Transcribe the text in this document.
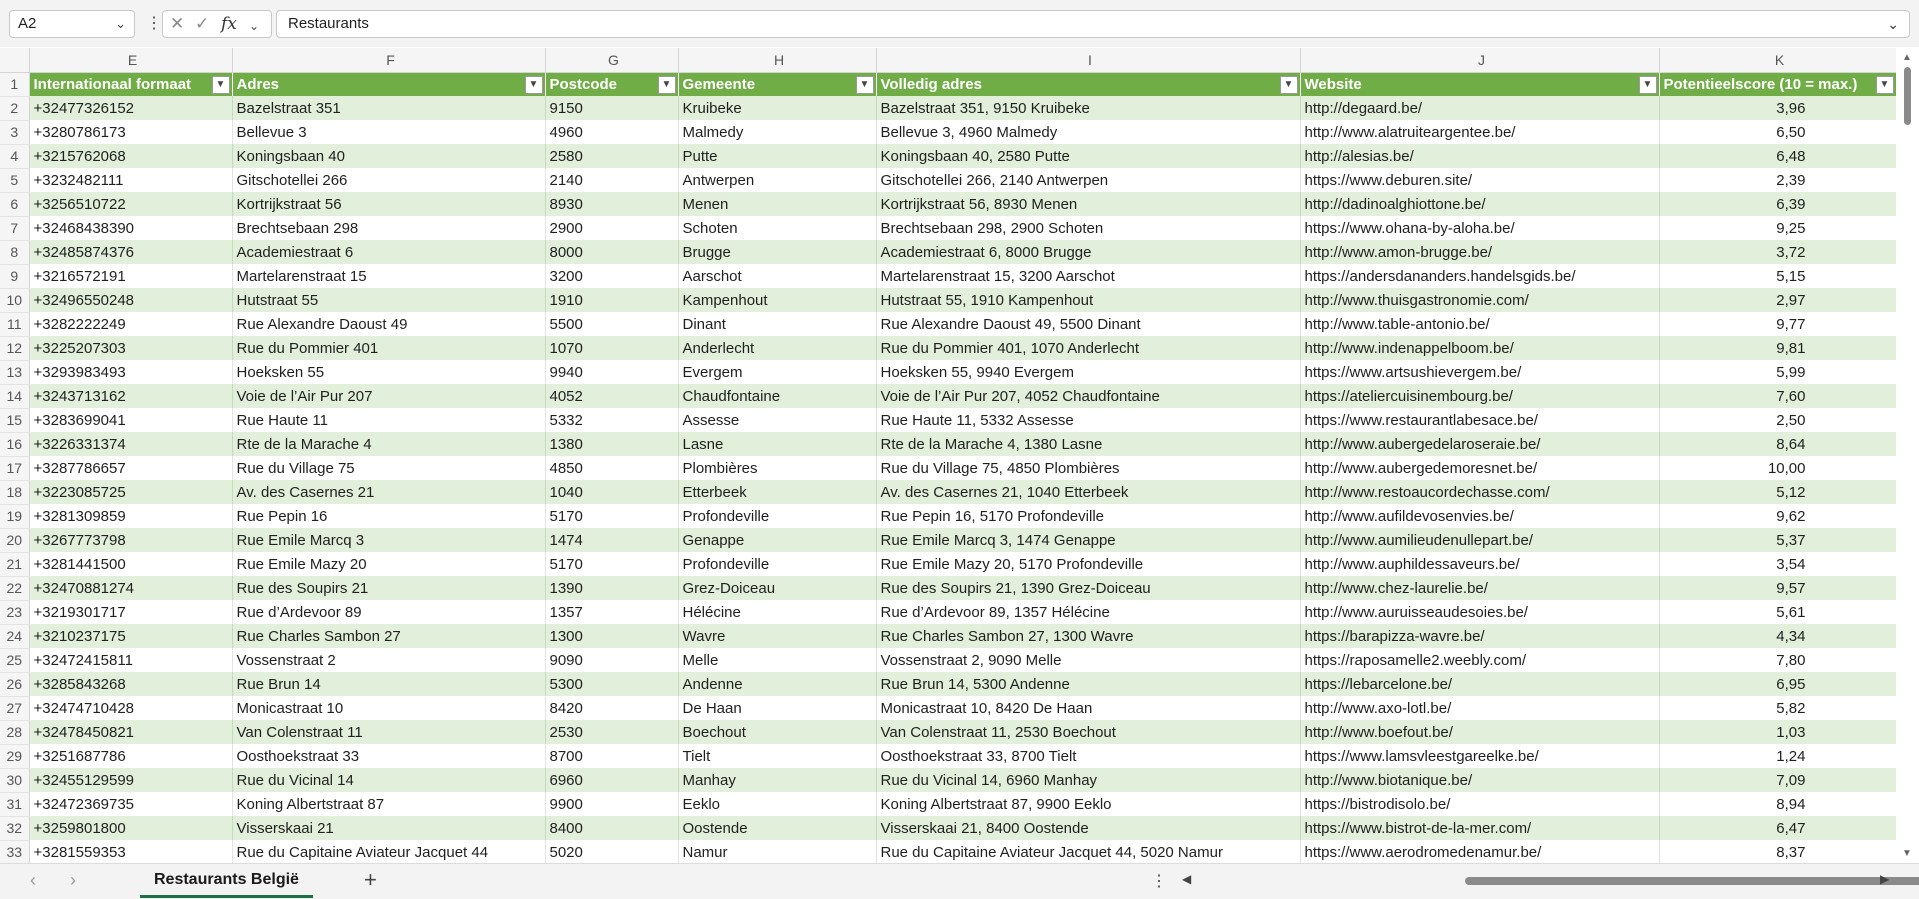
A2	⌄ ⋮ ✕ ✓ fx ⌄	Restaurants	⌄
	E	F	G	H	I	J	K
1	Internationaal formaat ▼	Adres ▼	Postcode ▼	Gemeente ▼	Volledig adres ▼	Website ▼	Potentieelscore (10 = max.) ▼

2	+32477326152	Bazelstraat 351	9150	Kruibeke	Bazelstraat 351, 9150 Kruibeke	http://degaard.be/	3,96
3	+3280786173	Bellevue 3	4960	Malmedy	Bellevue 3, 4960 Malmedy	http://www.alatruiteargentee.be/	6,50
4	+3215762068	Koningsbaan 40	2580	Putte	Koningsbaan 40, 2580 Putte	http://alesias.be/	6,48
5	+3232482111	Gitschotellei 266	2140	Antwerpen	Gitschotellei 266, 2140 Antwerpen	https://www.deburen.site/	2,39
6	+3256510722	Kortrijkstraat 56	8930	Menen	Kortrijkstraat 56, 8930 Menen	http://dadinoalghiottone.be/	6,39
7	+32468438390	Brechtsebaan 298	2900	Schoten	Brechtsebaan 298, 2900 Schoten	https://www.ohana-by-aloha.be/	9,25
8	+32485874376	Academiestraat 6	8000	Brugge	Academiestraat 6, 8000 Brugge	http://www.amon-brugge.be/	3,72
9	+3216572191	Martelarenstraat 15	3200	Aarschot	Martelarenstraat 15, 3200 Aarschot	https://andersdananders.handelsgids.be/	5,15
10	+32496550248	Hutstraat 55	1910	Kampenhout	Hutstraat 55, 1910 Kampenhout	http://www.thuisgastronomie.com/	2,97
11	+3282222249	Rue Alexandre Daoust 49	5500	Dinant	Rue Alexandre Daoust 49, 5500 Dinant	http://www.table-antonio.be/	9,77
12	+3225207303	Rue du Pommier 401	1070	Anderlecht	Rue du Pommier 401, 1070 Anderlecht	http://www.indenappelboom.be/	9,81
13	+3293983493	Hoeksken 55	9940	Evergem	Hoeksken 55, 9940 Evergem	https://www.artsushievergem.be/	5,99
14	+3243713162	Voie de l’Air Pur 207	4052	Chaudfontaine	Voie de l’Air Pur 207, 4052 Chaudfontaine	https://ateliercuisinembourg.be/	7,60
15	+3283699041	Rue Haute 11	5332	Assesse	Rue Haute 11, 5332 Assesse	https://www.restaurantlabesace.be/	2,50
16	+3226331374	Rte de la Marache 4	1380	Lasne	Rte de la Marache 4, 1380 Lasne	http://www.aubergedelaroseraie.be/	8,64
17	+3287786657	Rue du Village 75	4850	Plombières	Rue du Village 75, 4850 Plombières	http://www.aubergedemoresnet.be/	10,00
18	+3223085725	Av. des Casernes 21	1040	Etterbeek	Av. des Casernes 21, 1040 Etterbeek	http://www.restoaucordechasse.com/	5,12
19	+3281309859	Rue Pepin 16	5170	Profondeville	Rue Pepin 16, 5170 Profondeville	http://www.aufildevosenvies.be/	9,62
20	+3267773798	Rue Emile Marcq 3	1474	Genappe	Rue Emile Marcq 3, 1474 Genappe	http://www.aumilieudenullepart.be/	5,37
21	+3281441500	Rue Emile Mazy 20	5170	Profondeville	Rue Emile Mazy 20, 5170 Profondeville	http://www.auphildessaveurs.be/	3,54
22	+32470881274	Rue des Soupirs 21	1390	Grez-Doiceau	Rue des Soupirs 21, 1390 Grez-Doiceau	http://www.chez-laurelie.be/	9,57
23	+3219301717	Rue d’Ardevoor 89	1357	Hélécine	Rue d’Ardevoor 89, 1357 Hélécine	http://www.auruisseaudesoies.be/	5,61
24	+3210237175	Rue Charles Sambon 27	1300	Wavre	Rue Charles Sambon 27, 1300 Wavre	https://barapizza-wavre.be/	4,34
25	+32472415811	Vossenstraat 2	9090	Melle	Vossenstraat 2, 9090 Melle	https://raposamelle2.weebly.com/	7,80
26	+3285843268	Rue Brun 14	5300	Andenne	Rue Brun 14, 5300 Andenne	https://lebarcelone.be/	6,95
27	+32474710428	Monicastraat 10	8420	De Haan	Monicastraat 10, 8420 De Haan	http://www.axo-lotl.be/	5,82
28	+32478450821	Van Colenstraat 11	2530	Boechout	Van Colenstraat 11, 2530 Boechout	http://www.boefout.be/	1,03
29	+3251687786	Oosthoekstraat 33	8700	Tielt	Oosthoekstraat 33, 8700 Tielt	https://www.lamsvleestgareelke.be/	1,24
30	+32455129599	Rue du Vicinal 14	6960	Manhay	Rue du Vicinal 14, 6960 Manhay	http://www.biotanique.be/	7,09
31	+32472369735	Koning Albertstraat 87	9900	Eeklo	Koning Albertstraat 87, 9900 Eeklo	https://bistrodisolo.be/	8,94
32	+3259801800	Visserskaai 21	8400	Oostende	Visserskaai 21, 8400 Oostende	https://www.bistrot-de-la-mer.com/	6,47
33	+3281559353	Rue du Capitaine Aviateur Jacquet 44	5020	Namur	Rue du Capitaine Aviateur Jacquet 44, 5020 Namur	https://www.aerodromedenamur.be/	8,37
▲
▼
‹ ›	Restaurants België	+	⋮ ◀	▶
